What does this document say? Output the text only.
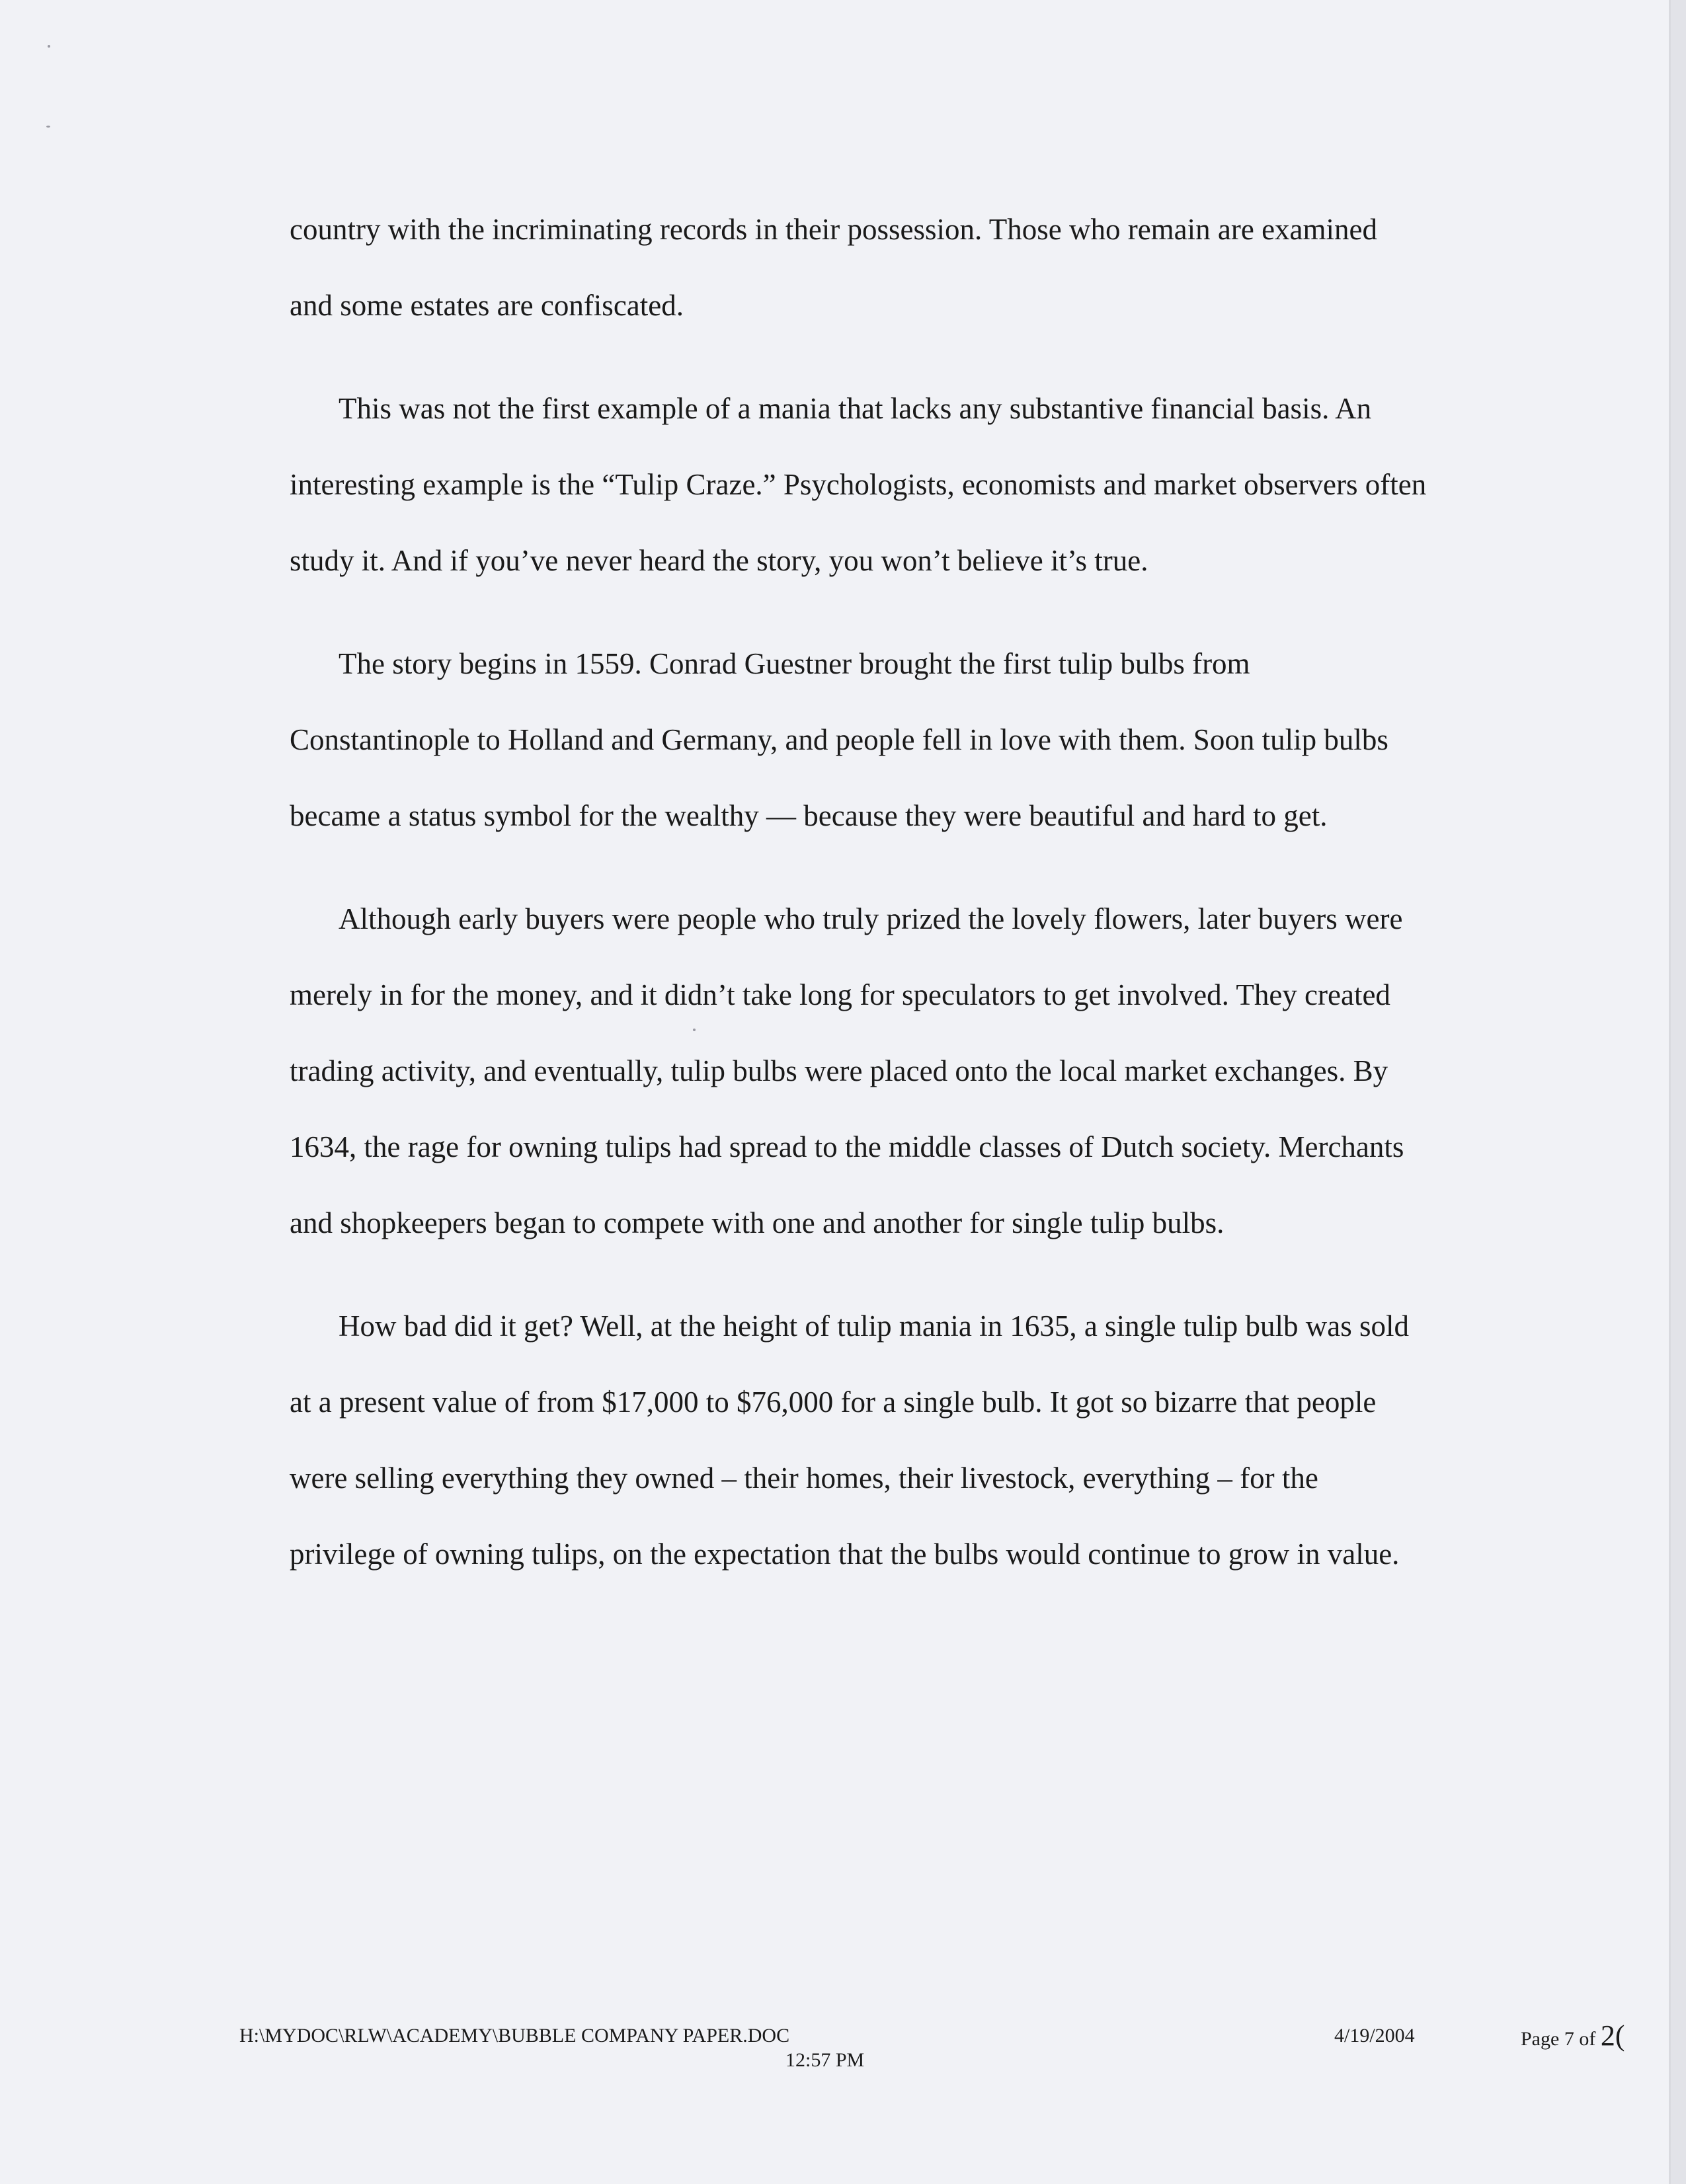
country with the incriminating records in their possession. Those who remain are examined and some estates are confiscated.

This was not the first example of a mania that lacks any substantive financial basis. An interesting example is the “Tulip Craze.” Psychologists, economists and market observers often study it. And if you’ve never heard the story, you won’t believe it’s true.

The story begins in 1559. Conrad Guestner brought the first tulip bulbs from Constantinople to Holland and Germany, and people fell in love with them. Soon tulip bulbs became a status symbol for the wealthy — because they were beautiful and hard to get.

Although early buyers were people who truly prized the lovely flowers, later buyers were merely in for the money, and it didn’t take long for speculators to get involved. They created trading activity, and eventually, tulip bulbs were placed onto the local market exchanges. By 1634, the rage for owning tulips had spread to the middle classes of Dutch society. Merchants and shopkeepers began to compete with one and another for single tulip bulbs.

How bad did it get? Well, at the height of tulip mania in 1635, a single tulip bulb was sold at a present value of from $17,000 to $76,000 for a single bulb. It got so bizarre that people were selling everything they owned – their homes, their livestock, everything – for the privilege of owning tulips, on the expectation that the bulbs would continue to grow in value.

H:\MYDOC\RLW\ACADEMY\BUBBLE COMPANY PAPER.DOC
12:57 PM
4/19/2004	Page 7 of 2(
